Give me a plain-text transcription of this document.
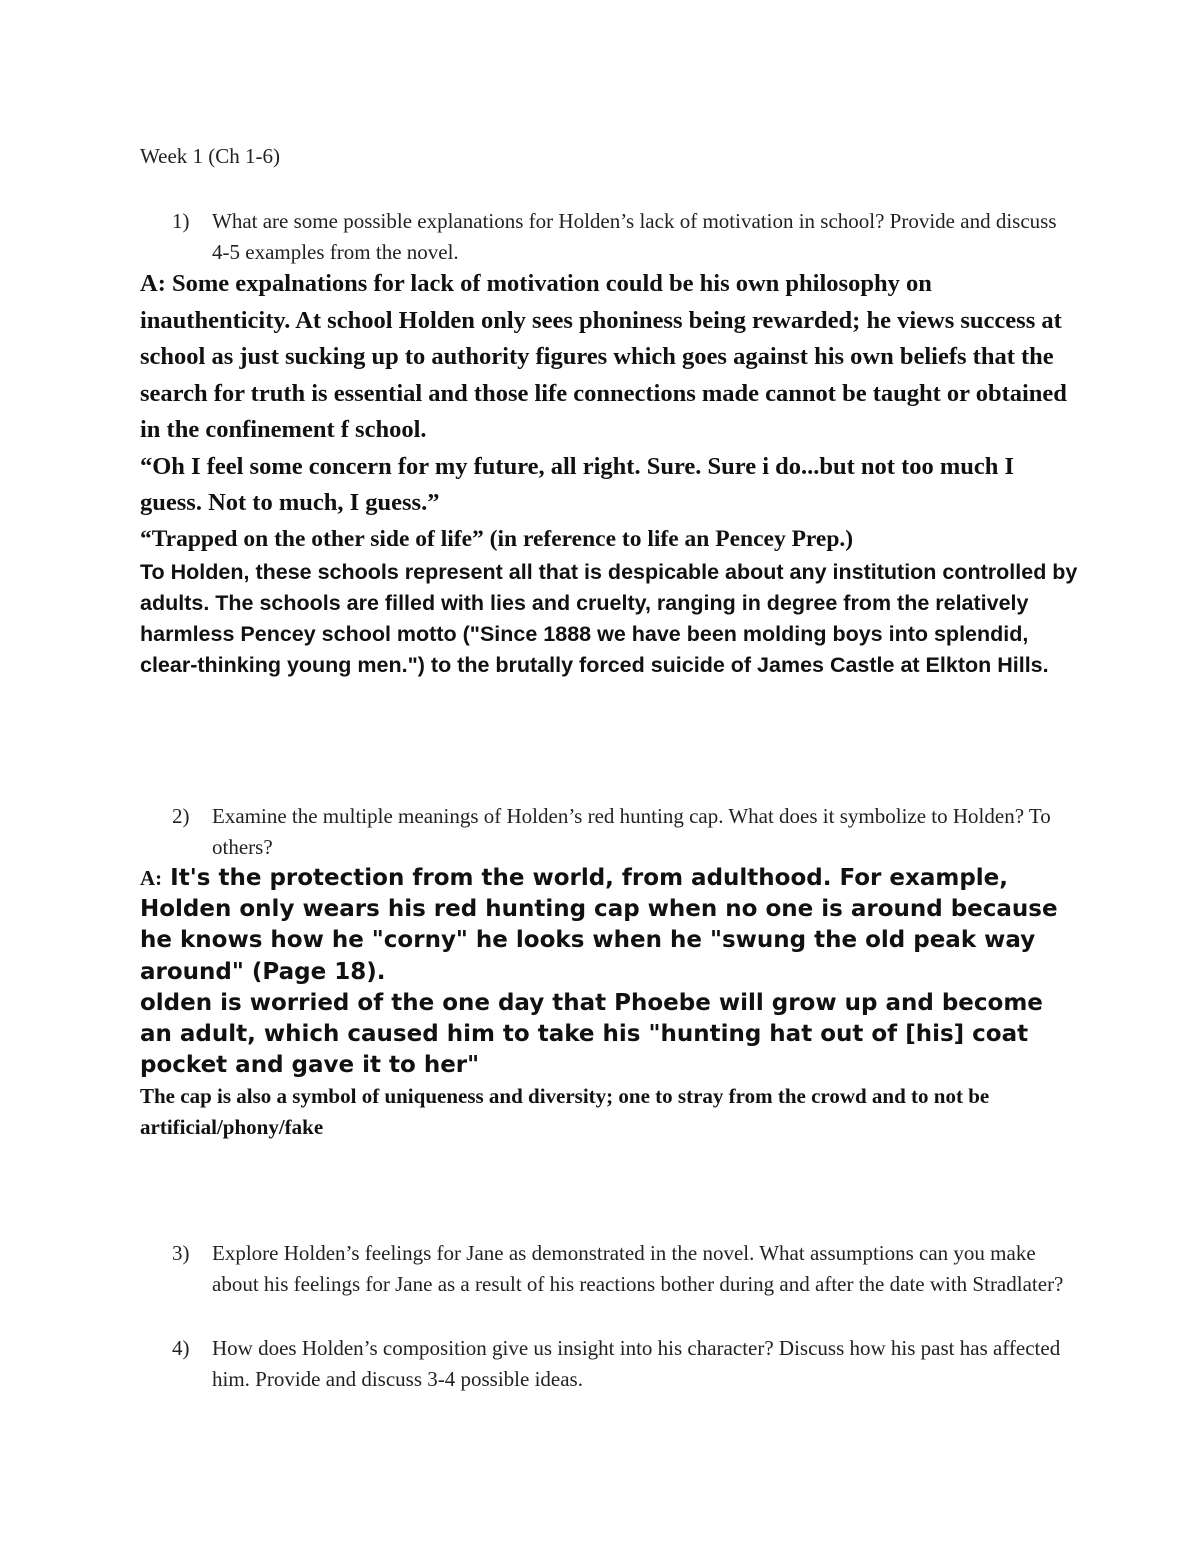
Week 1 (Ch 1-6)
1)	What are some possible explanations for Holden’s lack of motivation in school? Provide and discuss 4-5 examples from the novel.

A: Some expalnations for lack of motivation could be his own philosophy on inauthenticity. At school Holden only sees phoniness being rewarded; he views success at school as just sucking up to authority figures which goes against his own beliefs that the search for truth is essential and those life connections made cannot be taught or obtained in the confinement f school.

“Oh I feel some concern for my future, all right. Sure. Sure i do...but not too much I guess. Not to much, I guess.”

“Trapped on the other side of life” (in reference to life an Pencey Prep.)

To Holden, these schools represent all that is despicable about any institution controlled by adults. The schools are filled with lies and cruelty, ranging in degree from the relatively harmless Pencey school motto ("Since 1888 we have been molding boys into splendid, clear-thinking young men.") to the brutally forced suicide of James Castle at Elkton Hills.

2)	Examine the multiple meanings of Holden’s red hunting cap. What does it symbolize to Holden? To others?

A: It's the protection from the world, from adulthood. For example, Holden only wears his red hunting cap when no one is around because he knows how he "corny" he looks when he "swung the old peak way around" (Page 18).

olden is worried of the one day that Phoebe will grow up and become an adult, which caused him to take his "hunting hat out of [his] coat pocket and gave it to her"

The cap is also a symbol of uniqueness and diversity; one to stray from the crowd and to not be artificial/phony/fake

3)	Explore Holden’s feelings for Jane as demonstrated in the novel. What assumptions can you make about his feelings for Jane as a result of his reactions bother during and after the date with Stradlater?
4)	How does Holden’s composition give us insight into his character? Discuss how his past has affected him. Provide and discuss 3-4 possible ideas.
